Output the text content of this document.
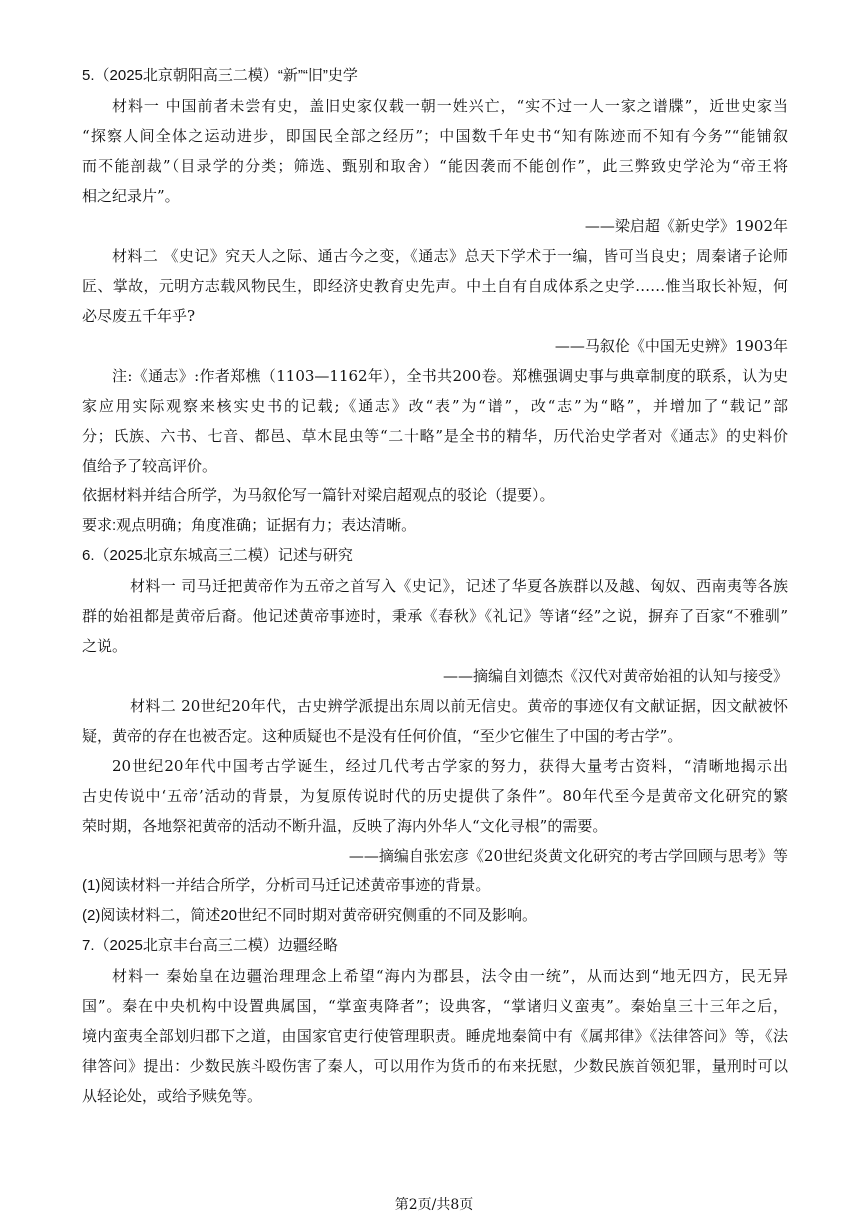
5.（2025北京朝阳高三二模）“新”“旧”史学
材料一 中国前者未尝有史，盖旧史家仅载一朝一姓兴亡，“实不过一人一家之谱牒”，近世史家当
“探察人间全体之运动进步，即国民全部之经历”；中国数千年史书“知有陈迹而不知有今务”“能铺叙
而不能剖裁”（目录学的分类；筛选、甄别和取舍）“能因袭而不能创作”，此三弊致史学沦为“帝王将
相之纪录片”。
——梁启超《新史学》1902年
材料二 《史记》究天人之际、通古今之变，《通志》总天下学术于一编，皆可当良史；周秦诸子论师
匠、掌故，元明方志载风物民生，即经济史教育史先声。中土自有自成体系之史学……惟当取长补短，何
必尽废五千年乎?
——马叙伦《中国无史辨》1903年
注:《通志》:作者郑樵（1103—1162年），全书共200卷。郑樵强调史事与典章制度的联系，认为史
家应用实际观察来核实史书的记载;《通志》改“表”为“谱”，改“志”为“略”，并增加了“载记”部
分；氏族、六书、七音、都邑、草木昆虫等“二十略”是全书的精华，历代治史学者对《通志》的史料价
值给予了较高评价。
依据材料并结合所学，为马叙伦写一篇针对梁启超观点的驳论（提要）。
要求:观点明确；角度准确；证据有力；表达清晰。
6.（2025北京东城高三二模）记述与研究
材料一 司马迁把黄帝作为五帝之首写入《史记》，记述了华夏各族群以及越、匈奴、西南夷等各族
群的始祖都是黄帝后裔。他记述黄帝事迹时，秉承《春秋》《礼记》等诸“经”之说，摒弃了百家“不雅驯”
之说。
——摘编自刘德杰《汉代对黄帝始祖的认知与接受》
材料二 20世纪20年代，古史辨学派提出东周以前无信史。黄帝的事迹仅有文献证据，因文献被怀
疑，黄帝的存在也被否定。这种质疑也不是没有任何价值，“至少它催生了中国的考古学”。
20世纪20年代中国考古学诞生，经过几代考古学家的努力，获得大量考古资料，“清晰地揭示出
古史传说中‘五帝’活动的背景，为复原传说时代的历史提供了条件”。80年代至今是黄帝文化研究的繁
荣时期，各地祭祀黄帝的活动不断升温，反映了海内外华人“文化寻根”的需要。
——摘编自张宏彦《20世纪炎黄文化研究的考古学回顾与思考》等
(1)阅读材料一并结合所学，分析司马迁记述黄帝事迹的背景。
(2)阅读材料二，简述20世纪不同时期对黄帝研究侧重的不同及影响。
7.（2025北京丰台高三二模）边疆经略
材料一 秦始皇在边疆治理理念上希望“海内为郡县，法令由一统”，从而达到“地无四方，民无异
国”。秦在中央机构中设置典属国，“掌蛮夷降者”；设典客，“掌诸归义蛮夷”。秦始皇三十三年之后，
境内蛮夷全部划归郡下之道，由国家官吏行使管理职责。睡虎地秦简中有《属邦律》《法律答问》等，《法
律答问》提出：少数民族斗殴伤害了秦人，可以用作为货币的布来抚慰，少数民族首领犯罪，量刑时可以
从轻论处，或给予赎免等。
第2页/共8页
